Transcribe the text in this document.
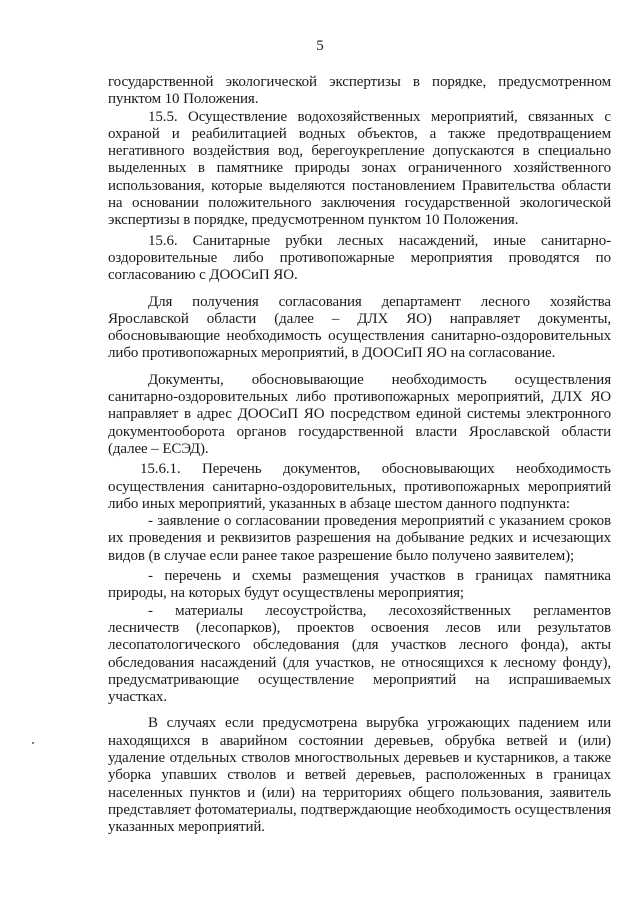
5

государственной экологической экспертизы в порядке, предусмотренном пунктом 10 Положения.

15.5. Осуществление водохозяйственных мероприятий, связанных с охраной и реабилитацией водных объектов, а также предотвращением негативного воздействия вод, берегоукрепление допускаются в специально выделенных в памятнике природы зонах ограниченного хозяйственного использования, которые выделяются постановлением Правительства области на основании положительного заключения государственной экологической экспертизы в порядке, предусмотренном пунктом 10 Положения.

15.6. Санитарные рубки лесных насаждений, иные санитарно-оздоровительные либо противопожарные мероприятия проводятся по согласованию с ДООСиП ЯО.

Для получения согласования департамент лесного хозяйства Ярославской области (далее – ДЛХ ЯО) направляет документы, обосновывающие необходимость осуществления санитарно-оздоровительных либо противопожарных мероприятий, в ДООСиП ЯО на согласование.

Документы, обосновывающие необходимость осуществления санитарно-оздоровительных либо противопожарных мероприятий, ДЛХ ЯО направляет в адрес ДООСиП ЯО посредством единой системы электронного документооборота органов государственной власти Ярославской области (далее – ЕСЭД).

15.6.1. Перечень документов, обосновывающих необходимость осуществления санитарно-оздоровительных, противопожарных мероприятий либо иных мероприятий, указанных в абзаце шестом данного подпункта:

- заявление о согласовании проведения мероприятий с указанием сроков их проведения и реквизитов разрешения на добывание редких и исчезающих видов (в случае если ранее такое разрешение было получено заявителем);

- перечень и схемы размещения участков в границах памятника природы, на которых будут осуществлены мероприятия;

- материалы лесоустройства, лесохозяйственных регламентов лесничеств (лесопарков), проектов освоения лесов или результатов лесопатологического обследования (для участков лесного фонда), акты обследования насаждений (для участков, не относящихся к лесному фонду), предусматривающие осуществление мероприятий на испрашиваемых участках.

В случаях если предусмотрена вырубка угрожающих падением или находящихся в аварийном состоянии деревьев, обрубка ветвей и (или) удаление отдельных стволов многоствольных деревьев и кустарников, а также уборка упавших стволов и ветвей деревьев, расположенных в границах населенных пунктов и (или) на территориях общего пользования, заявитель представляет фотоматериалы, подтверждающие необходимость осуществления указанных мероприятий.
